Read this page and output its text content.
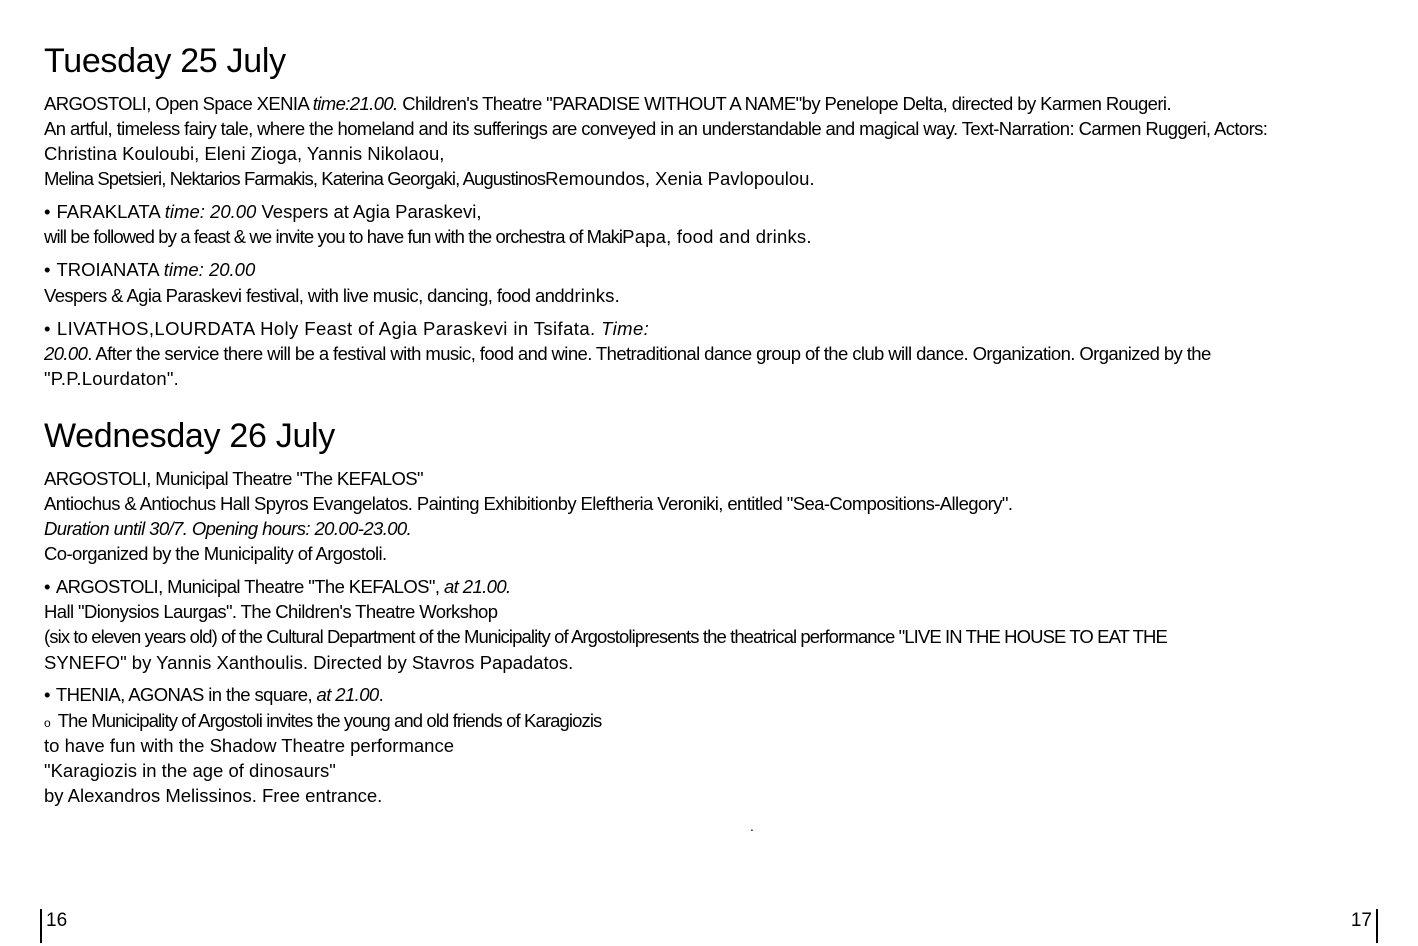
Tuesday 25 July
ARGOSTOLI, Open Space XENIA time:21.00. Children's Theatre "PARADISE WITHOUT A NAME"by Penelope Delta, directed by Karmen Rougeri.
An artful, timeless fairy tale, where the homeland and its sufferings are conveyed in an understandable and magical way. Text-Narration: Carmen Ruggeri, Actors:
Christina Kouloubi, Eleni Zioga, Yannis Nikolaou,
Melina Spetsieri, Nektarios Farmakis, Katerina Georgaki, AugustinosRemoundos, Xenia Pavlopoulou.
• FARAKLATA time: 20.00 Vespers at Agia Paraskevi,
will be followed by a feast & we invite you to have fun with the orchestra of MakiPapa, food and drinks.
• TROIANATA time: 20.00
Vespers & Agia Paraskevi festival, with live music, dancing, food anddrinks.
• LIVATHOS,LOURDATA Holy Feast of Agia Paraskevi in Tsifata. Time:
20.00. After the service there will be a festival with music, food and wine. Thetraditional dance group of the club will dance. Organization. Organized by the
"P.P.Lourdaton".
Wednesday 26 July
ARGOSTOLI, Municipal Theatre "The KEFALOS"
Antiochus & Antiochus Hall Spyros Evangelatos. Painting Exhibitionby Eleftheria Veroniki, entitled "Sea-Compositions-Allegory".
Duration until 30/7. Opening hours: 20.00-23.00.
Co-organized by the Municipality of Argostoli.
• ARGOSTOLI, Municipal Theatre "The KEFALOS", at 21.00.
Hall "Dionysios Laurgas". The Children's Theatre Workshop
(six to eleven years old) of the Cultural Department of the Municipality of Argostolipresents the theatrical performance "LIVE IN THE HOUSE TO EAT THE
SYNEFO" by Yannis Xanthoulis. Directed by Stavros Papadatos.
• THENIA, AGONAS in the square, at 21.00.
o The Municipality of Argostoli invites the young and old friends of Karagiozis
to have fun with the Shadow Theatre performance
"Karagiozis in the age of dinosaurs"
by Alexandros Melissinos. Free entrance.
.
16	17
